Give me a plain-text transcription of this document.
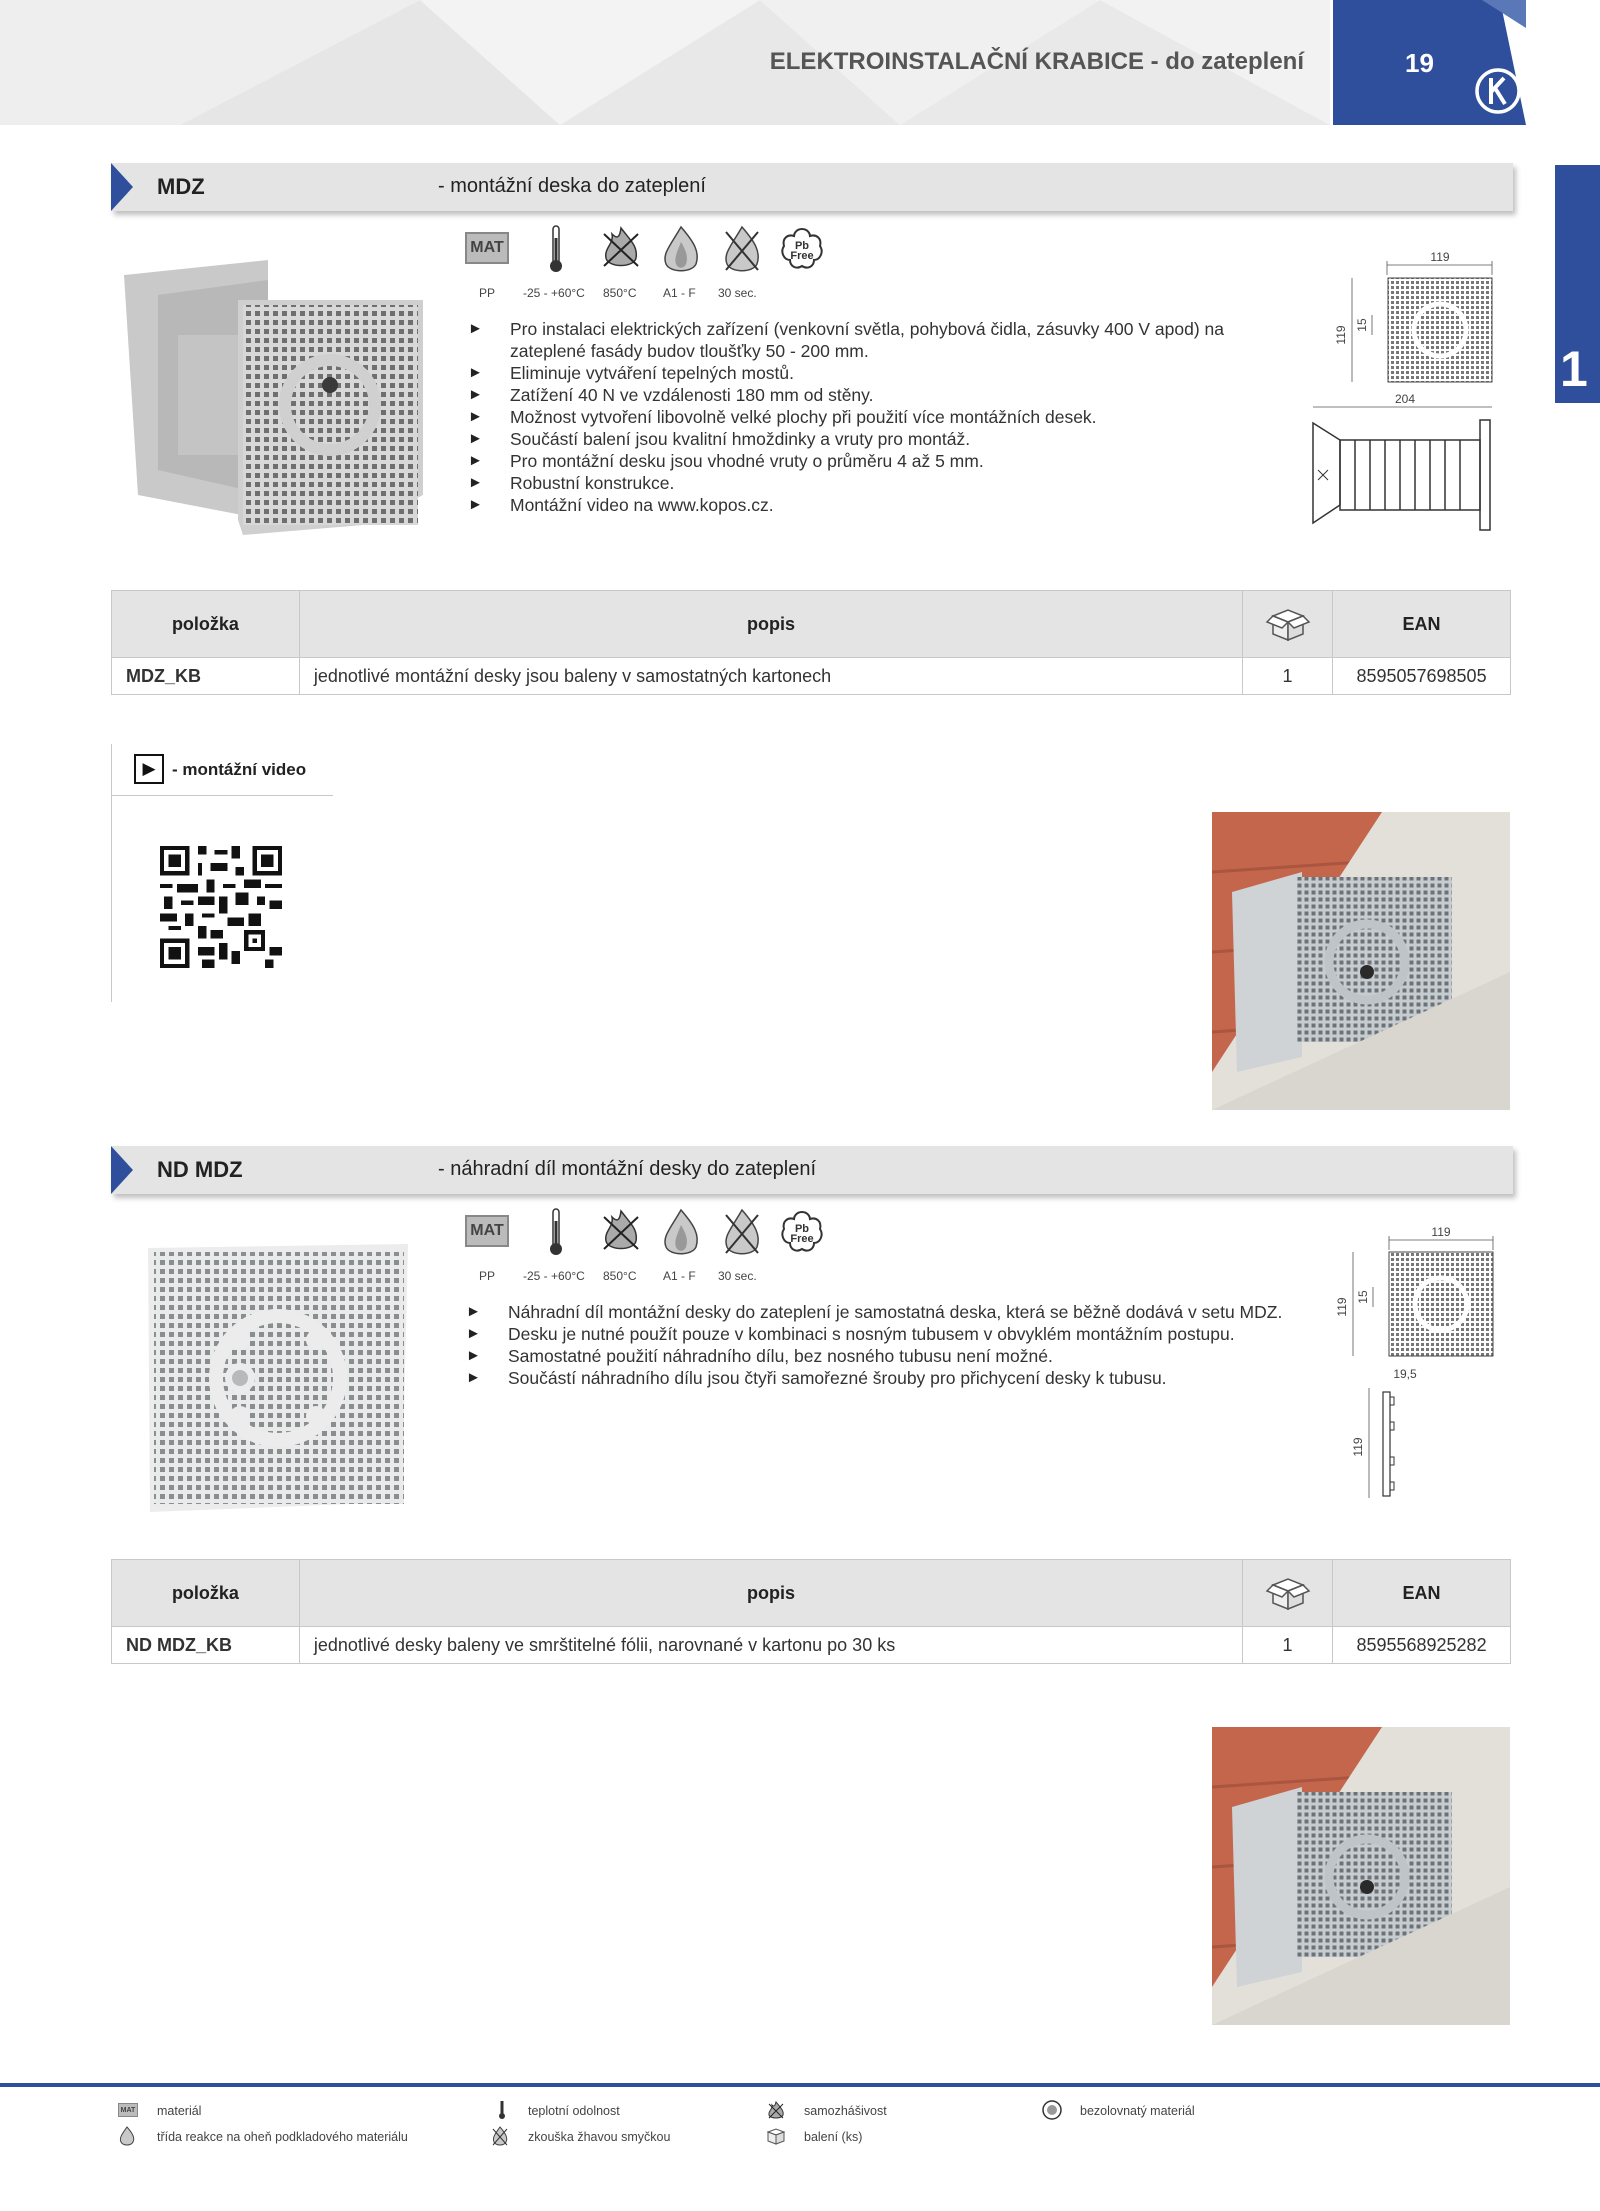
ELEKTROINSTALAČNÍ KRABICE - do zateplení	19
1
MDZ	- montážní deska do zateplení
MAT	Pb
Free
PP -25 - +60°C 850°C A1 - F 30 sec.
► Pro instalaci elektrických zařízení (venkovní světla, pohybová čidla, zásuvky 400 V apod) na zateplené fasády budov tloušťky 50 - 200 mm.
► Eliminuje vytváření tepelných mostů.
► Zatížení 40 N ve vzdálenosti 180 mm od stěny.
► Možnost vytvoření libovolně velké plochy při použití více montážních desek.
► Součástí balení jsou kvalitní hmoždinky a vruty pro montáž.
► Pro montážní desku jsou vhodné vruty o průměru 4 až 5 mm.
► Robustní konstrukce.
► Montážní video na www.kopos.cz.
119
119
15
204
položka	popis		EAN
MDZ_KB	jednotlivé montážní desky jsou baleny v samostatných kartonech	1	8595057698505
▶ - montážní video
ND MDZ	- náhradní díl montážní desky do zateplení
MAT	Pb
Free
PP -25 - +60°C 850°C A1 - F 30 sec.
► Náhradní díl montážní desky do zateplení je samostatná deska, která se běžně dodává v setu MDZ.
► Desku je nutné použít pouze v kombinaci s nosným tubusem v obvyklém montážním postupu.
► Samostatné použití náhradního dílu, bez nosného tubusu není možné.
► Součástí náhradního dílu jsou čtyři samořezné šrouby pro přichycení desky k tubusu.
119
119
15
19,5
119
položka	popis		EAN
ND MDZ_KB	jednotlivé desky baleny ve smrštitelné fólii, narovnané v kartonu po 30 ks	1	8595568925282
MAT materiál	teplotní odolnost	samozhášivost	bezolovnatý materiál
třída reakce na oheň podkladového materiálu	zkouška žhavou smyčkou	balení (ks)
